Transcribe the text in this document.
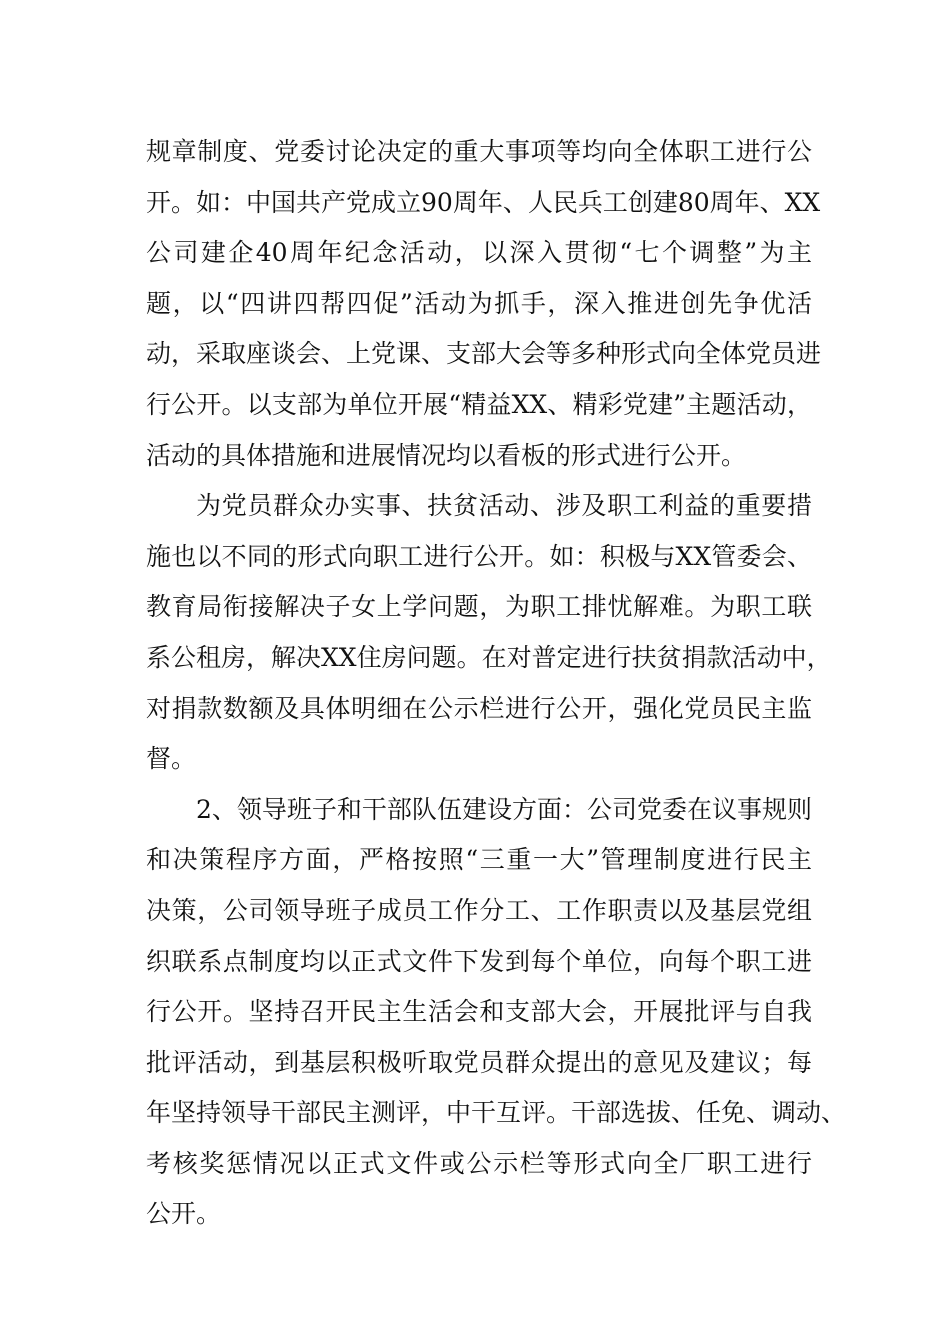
规章制度、党委讨论决定的重大事项等均向全体职工进行公
开。如：中国共产党成立90周年、人民兵工创建80周年、XX
公司建企40周年纪念活动，以深入贯彻“七个调整”为主
题，以“四讲四帮四促”活动为抓手，深入推进创先争优活
动，采取座谈会、上党课、支部大会等多种形式向全体党员进
行公开。以支部为单位开展“精益XX、精彩党建”主题活动，
活动的具体措施和进展情况均以看板的形式进行公开。
为党员群众办实事、扶贫活动、涉及职工利益的重要措
施也以不同的形式向职工进行公开。如：积极与XX管委会、
教育局衔接解决子女上学问题，为职工排忧解难。为职工联
系公租房，解决XX住房问题。在对普定进行扶贫捐款活动中，
对捐款数额及具体明细在公示栏进行公开，强化党员民主监
督。
2、领导班子和干部队伍建设方面：公司党委在议事规则
和决策程序方面，严格按照“三重一大”管理制度进行民主
决策，公司领导班子成员工作分工、工作职责以及基层党组
织联系点制度均以正式文件下发到每个单位，向每个职工进
行公开。坚持召开民主生活会和支部大会，开展批评与自我
批评活动，到基层积极听取党员群众提出的意见及建议；每
年坚持领导干部民主测评，中干互评。干部选拔、任免、调动、
考核奖惩情况以正式文件或公示栏等形式向全厂职工进行
公开。
